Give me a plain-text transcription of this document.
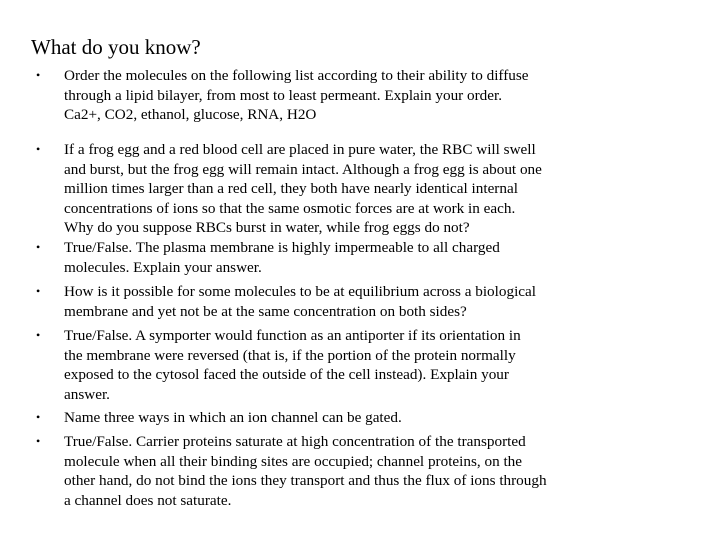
What do you know?
•	Order the molecules on the following list according to their ability to diffuse
through a lipid bilayer, from most to least permeant. Explain your order.
Ca2+, CO2, ethanol, glucose, RNA, H2O
•	If a frog egg and a red blood cell are placed in pure water, the RBC will swell
and burst, but the frog egg will remain intact. Although a frog egg is about one
million times larger than a red cell, they both have nearly identical internal
concentrations of ions so that the same osmotic forces are at work in each.
Why do you suppose RBCs burst in water, while frog eggs do not?
•	True/False. The plasma membrane is highly impermeable to all charged
molecules. Explain your answer.
•	How is it possible for some molecules to be at equilibrium across a biological
membrane and yet not be at the same concentration on both sides?
•	True/False. A symporter would function as an antiporter if its orientation in
the membrane were reversed (that is, if the portion of the protein normally
exposed to the cytosol faced the outside of the cell instead). Explain your
answer.
•	Name three ways in which an ion channel can be gated.
•	True/False. Carrier proteins saturate at high concentration of the transported
molecule when all their binding sites are occupied; channel proteins, on the
other hand, do not bind the ions they transport and thus the flux of ions through
a channel does not saturate.
